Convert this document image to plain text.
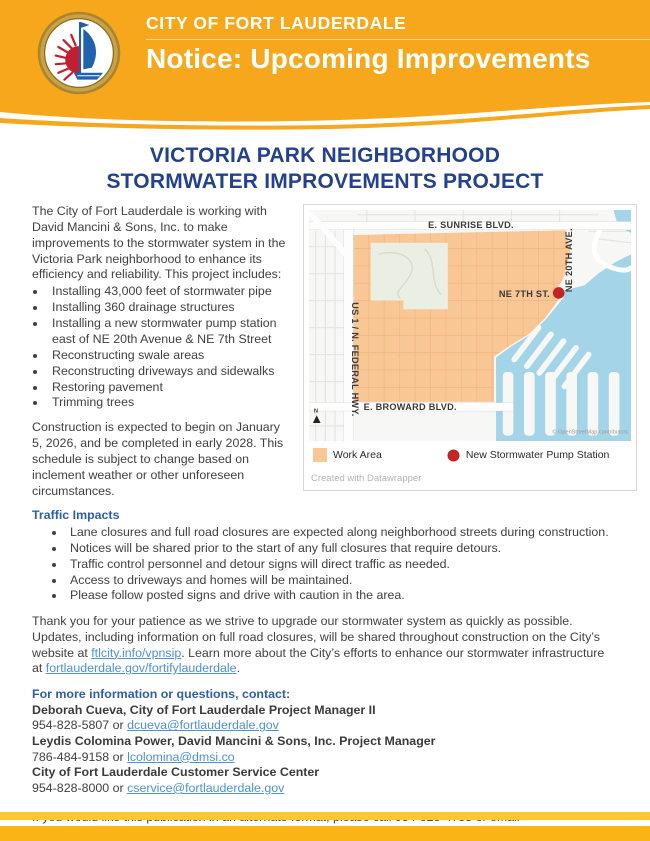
CITY OF FORT LAUDERDALE
Notice: Upcoming Improvements
VICTORIA PARK NEIGHBORHOOD
STORMWATER IMPROVEMENTS PROJECT

The City of Fort Lauderdale is working with David Mancini & Sons, Inc. to make improvements to the stormwater system in the Victoria Park neighborhood to enhance its efficiency and reliability. This project includes:

• Installing 43,000 feet of stormwater pipe
• Installing 360 drainage structures
• Installing a new stormwater pump station east of NE 20th Avenue & NE 7th Street
• Reconstructing swale areas
• Reconstructing driveways and sidewalks
• Restoring pavement
• Trimming trees

Construction is expected to begin on January 5, 2026, and be completed in early 2028. This schedule is subject to change based on inclement weather or other unforeseen circumstances.

E. SUNRISE BLVD.
US 1 / N. FEDERAL HWY.
NE 20TH AVE.
NE 7TH ST.
E. BROWARD BLVD.
N
© OpenStreetMap contributors
Work Area	New Stormwater Pump Station
Created with Datawrapper
Traffic Impacts
• Lane closures and full road closures are expected along neighborhood streets during construction.
• Notices will be shared prior to the start of any full closures that require detours.
• Traffic control personnel and detour signs will direct traffic as needed.
• Access to driveways and homes will be maintained.
• Please follow posted signs and drive with caution in the area.
Thank you for your patience as we strive to upgrade our stormwater system as quickly as possible. Updates, including information on full road closures, will be shared throughout construction on the City’s website at ftlcity.info/vpnsip. Learn more about the City’s efforts to enhance our stormwater infrastructure at fortlauderdale.gov/fortifylauderdale.
For more information or questions, contact:
Deborah Cueva, City of Fort Lauderdale Project Manager II
954-828-5807 or dcueva@fortlauderdale.gov
Leydis Colomina Power, David Mancini & Sons, Inc. Project Manager
786-484-9158 or lcolomina@dmsi.co
City of Fort Lauderdale Customer Service Center
954-828-8000 or cservice@fortlauderdale.gov
